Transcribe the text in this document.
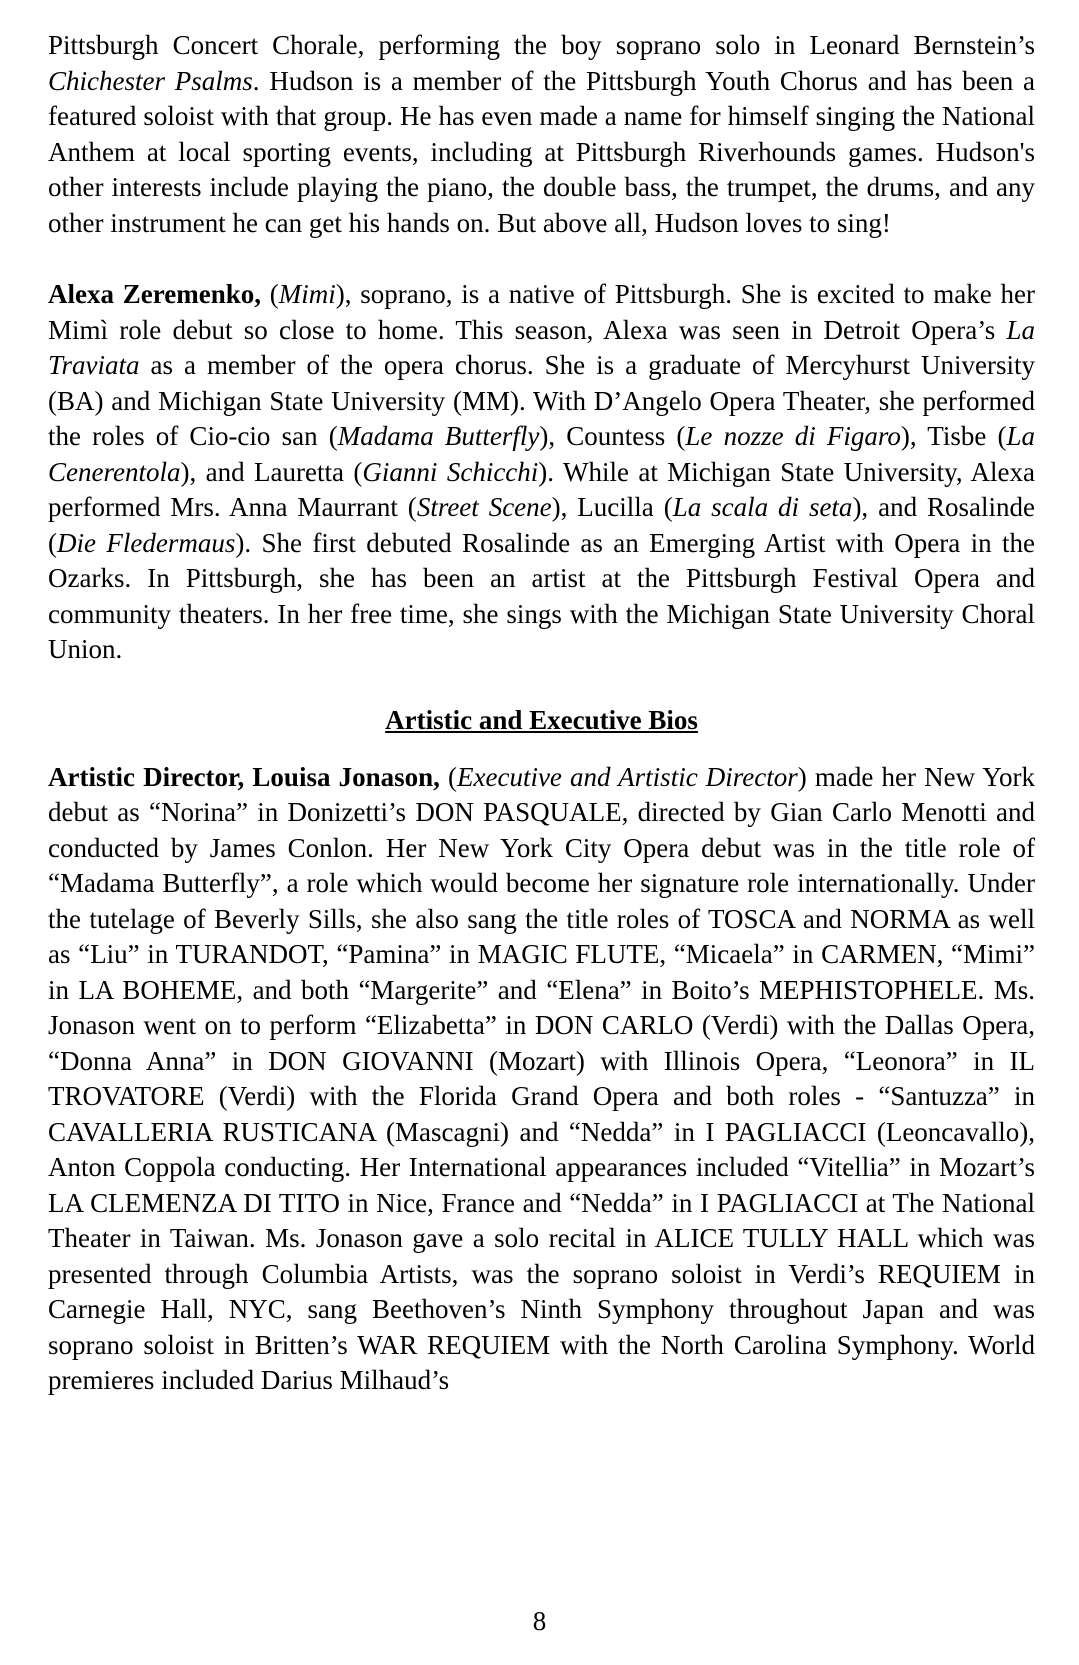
Pittsburgh Concert Chorale, performing the boy soprano solo in Leonard Bernstein’s Chichester Psalms. Hudson is a member of the Pittsburgh Youth Chorus and has been a featured soloist with that group. He has even made a name for himself singing the National Anthem at local sporting events, including at Pittsburgh Riverhounds games. Hudson's other interests include playing the piano, the double bass, the trumpet, the drums, and any other instrument he can get his hands on. But above all, Hudson loves to sing!

Alexa Zeremenko, (Mimi), soprano, is a native of Pittsburgh. She is excited to make her Mimì role debut so close to home. This season, Alexa was seen in Detroit Opera’s La Traviata as a member of the opera chorus. She is a graduate of Mercyhurst University (BA) and Michigan State University (MM). With D’Angelo Opera Theater, she performed the roles of Cio-cio san (Madama Butterfly), Countess (Le nozze di Figaro), Tisbe (La Cenerentola), and Lauretta (Gianni Schicchi). While at Michigan State University, Alexa performed Mrs. Anna Maurrant (Street Scene), Lucilla (La scala di seta), and Rosalinde (Die Fledermaus). She first debuted Rosalinde as an Emerging Artist with Opera in the Ozarks. In Pittsburgh, she has been an artist at the Pittsburgh Festival Opera and community theaters. In her free time, she sings with the Michigan State University Choral Union.

Artistic and Executive Bios

Artistic Director, Louisa Jonason, (Executive and Artistic Director) made her New York debut as “Norina” in Donizetti’s DON PASQUALE, directed by Gian Carlo Menotti and conducted by James Conlon. Her New York City Opera debut was in the title role of “Madama Butterfly”, a role which would become her signature role internationally. Under the tutelage of Beverly Sills, she also sang the title roles of TOSCA and NORMA as well as “Liu” in TURANDOT, “Pamina” in MAGIC FLUTE, “Micaela” in CARMEN, “Mimi” in LA BOHEME, and both “Margerite” and “Elena” in Boito’s MEPHISTOPHELE. Ms. Jonason went on to perform “Elizabetta” in DON CARLO (Verdi) with the Dallas Opera, “Donna Anna” in DON GIOVANNI (Mozart) with Illinois Opera, “Leonora” in IL TROVATORE (Verdi) with the Florida Grand Opera and both roles - “Santuzza” in CAVALLERIA RUSTICANA (Mascagni) and “Nedda” in I PAGLIACCI (Leoncavallo), Anton Coppola conducting. Her International appearances included “Vitellia” in Mozart’s LA CLEMENZA DI TITO in Nice, France and “Nedda” in I PAGLIACCI at The National Theater in Taiwan. Ms. Jonason gave a solo recital in ALICE TULLY HALL which was presented through Columbia Artists, was the soprano soloist in Verdi’s REQUIEM in Carnegie Hall, NYC, sang Beethoven’s Ninth Symphony throughout Japan and was soprano soloist in Britten’s WAR REQUIEM with the North Carolina Symphony. World premieres included Darius Milhaud’s

8
